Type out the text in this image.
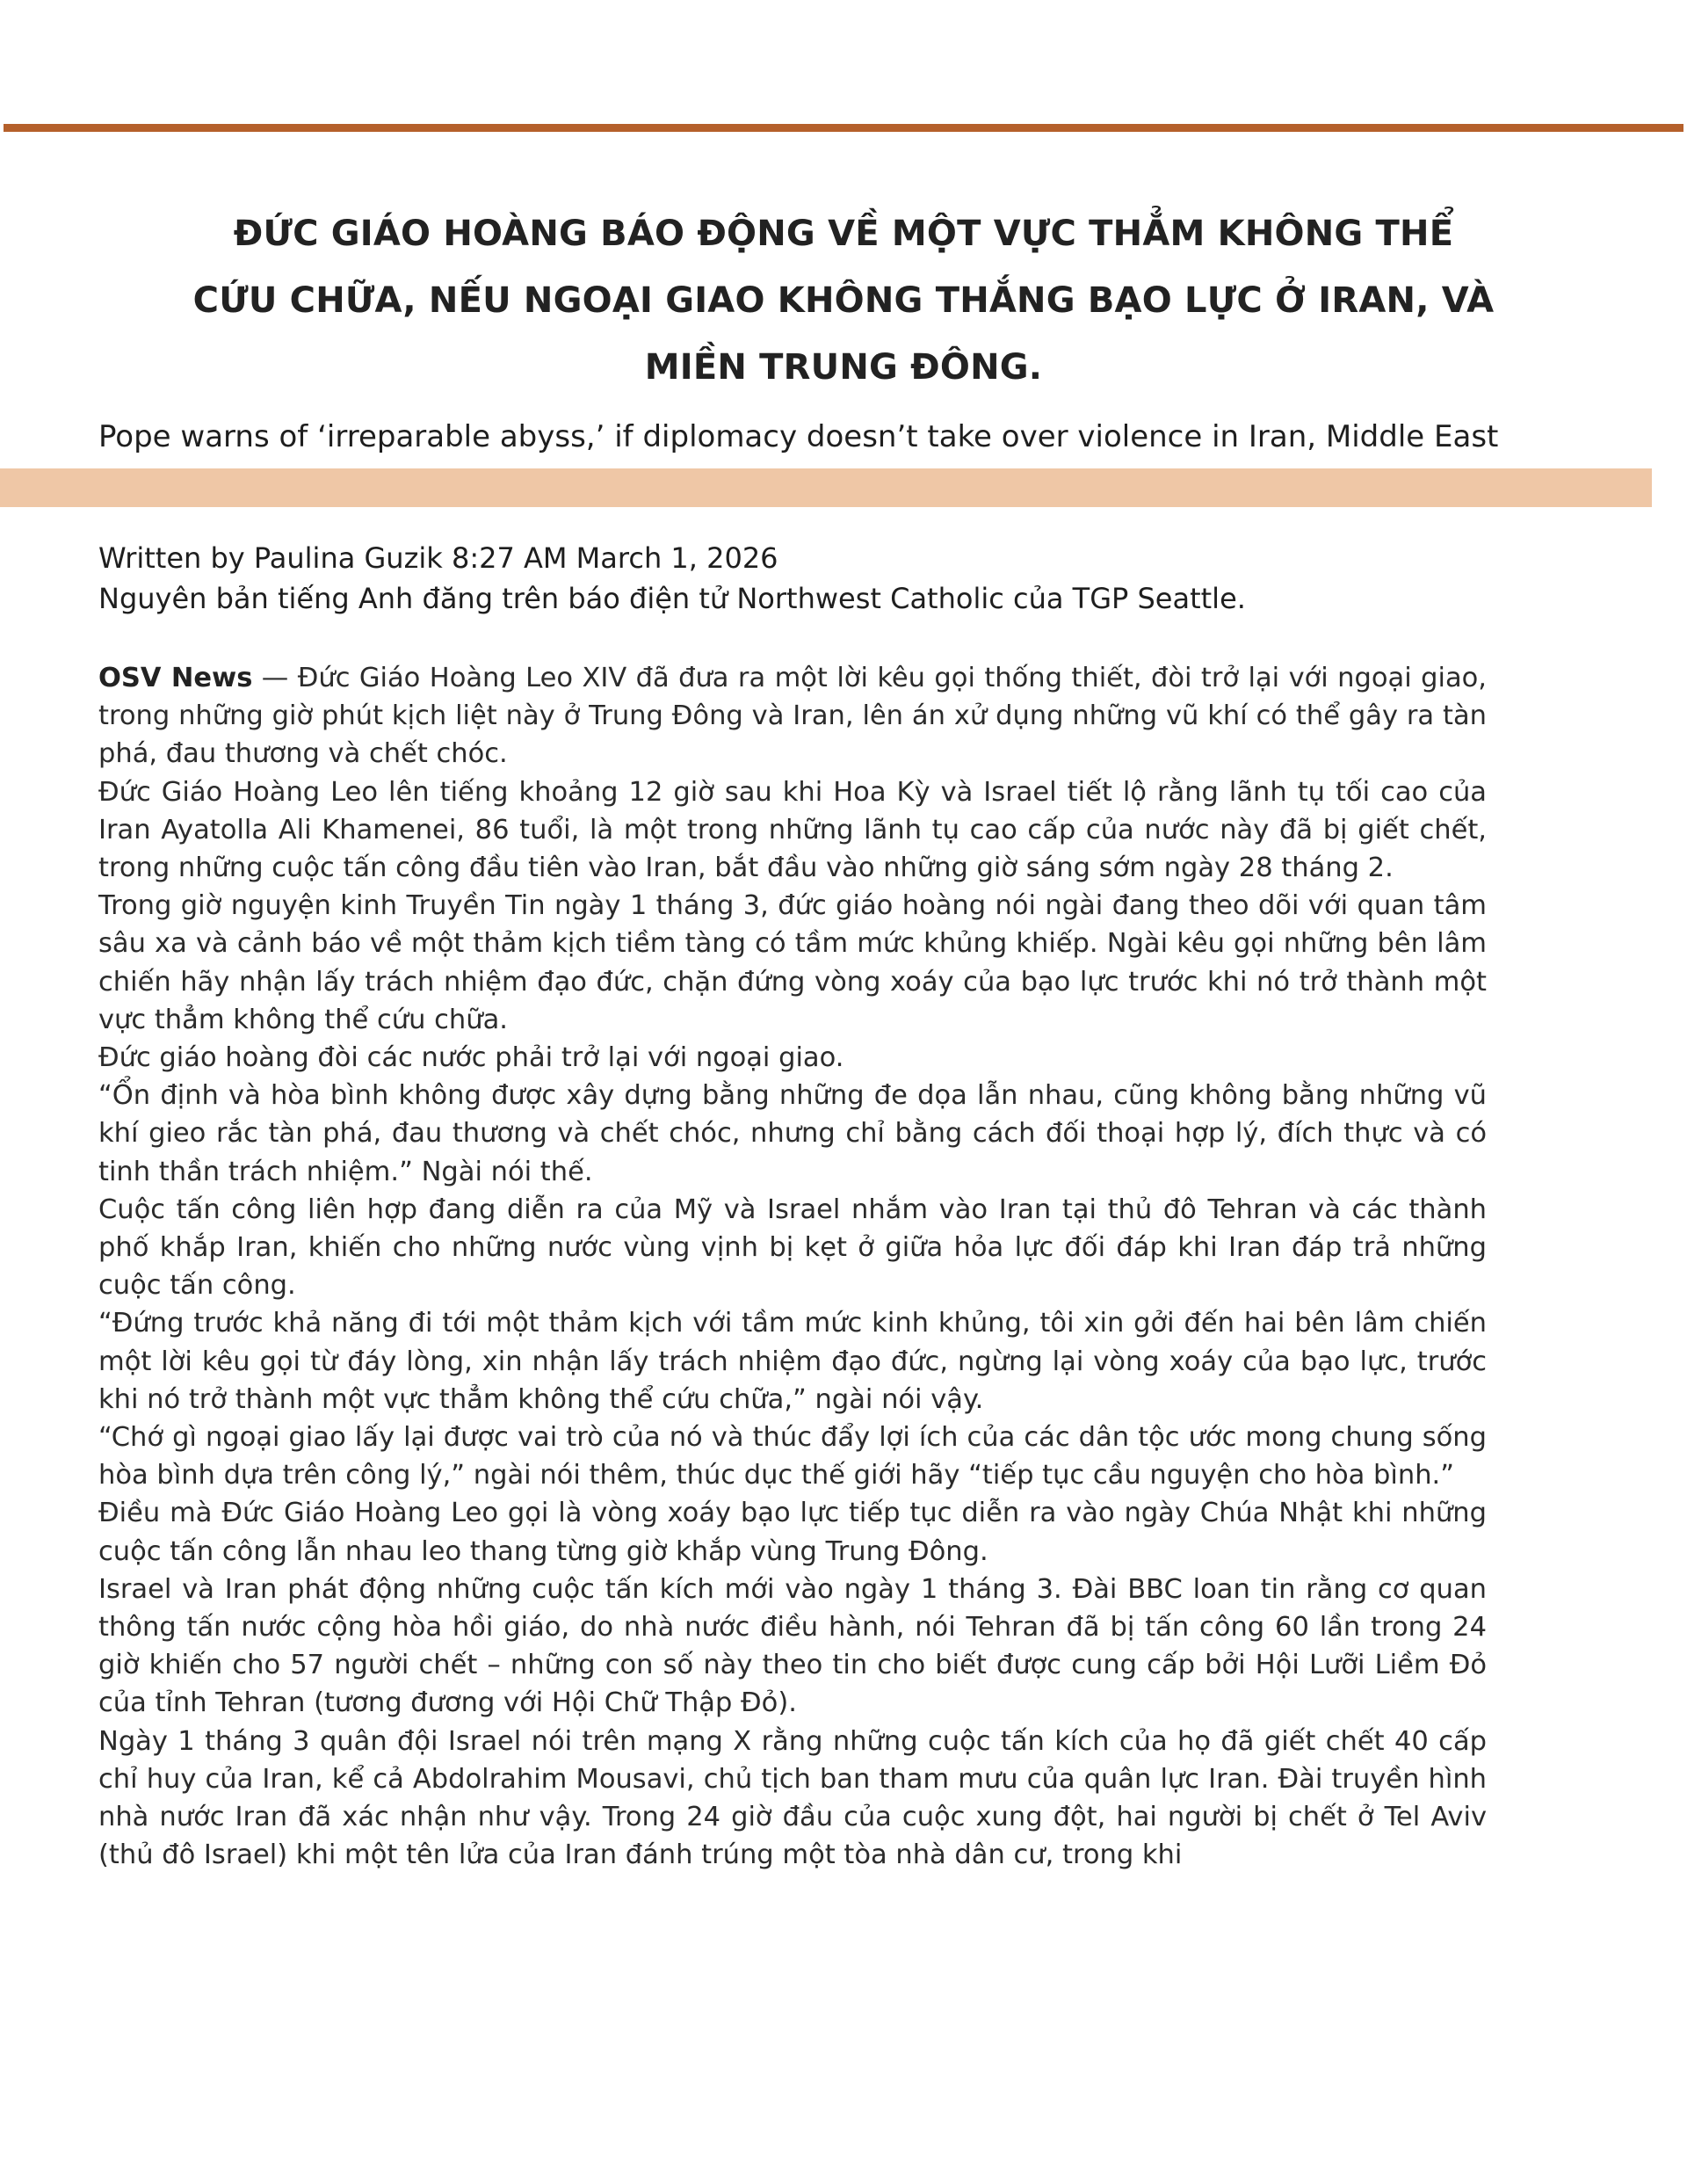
ĐỨC GIÁO HOÀNG BÁO ĐỘNG VỀ MỘT VỰC THẲM KHÔNG THỂ
CỨU CHỮA, NẾU NGOẠI GIAO KHÔNG THẮNG BẠO LỰC Ở IRAN, VÀ
MIỀN TRUNG ĐÔNG.
Pope warns of ‘irreparable abyss,’ if diplomacy doesn’t take over violence in Iran, Middle East
Written by Paulina Guzik 8:27 AM March 1, 2026
Nguyên bản tiếng Anh đăng trên báo điện tử Northwest Catholic của TGP Seattle.

OSV News — Đức Giáo Hoàng Leo XIV đã đưa ra một lời kêu gọi thống thiết, đòi trở lại với ngoại giao, trong những giờ phút kịch liệt này ở Trung Đông và Iran, lên án xử dụng những vũ khí có thể gây ra tàn phá, đau thương và chết chóc.

Đức Giáo Hoàng Leo lên tiếng khoảng 12 giờ sau khi Hoa Kỳ và Israel tiết lộ rằng lãnh tụ tối cao của Iran Ayatolla Ali Khamenei, 86 tuổi, là một trong những lãnh tụ cao cấp của nước này đã bị giết chết, trong những cuộc tấn công đầu tiên vào Iran, bắt đầu vào những giờ sáng sớm ngày 28 tháng 2.

Trong giờ nguyện kinh Truyền Tin ngày 1 tháng 3, đức giáo hoàng nói ngài đang theo dõi với quan tâm sâu xa và cảnh báo về một thảm kịch tiềm tàng có tầm mức khủng khiếp. Ngài kêu gọi những bên lâm chiến hãy nhận lấy trách nhiệm đạo đức, chặn đứng vòng xoáy của bạo lực trước khi nó trở thành một vực thẳm không thể cứu chữa.

Đức giáo hoàng đòi các nước phải trở lại với ngoại giao.

“Ổn định và hòa bình không được xây dựng bằng những đe dọa lẫn nhau, cũng không bằng những vũ khí gieo rắc tàn phá, đau thương và chết chóc, nhưng chỉ bằng cách đối thoại hợp lý, đích thực và có tinh thần trách nhiệm.” Ngài nói thế.

Cuộc tấn công liên hợp đang diễn ra của Mỹ và Israel nhắm vào Iran tại thủ đô Tehran và các thành phố khắp Iran, khiến cho những nước vùng vịnh bị kẹt ở giữa hỏa lực đối đáp khi Iran đáp trả những cuộc tấn công.

“Đứng trước khả năng đi tới một thảm kịch với tầm mức kinh khủng, tôi xin gởi đến hai bên lâm chiến một lời kêu gọi từ đáy lòng, xin nhận lấy trách nhiệm đạo đức, ngừng lại vòng xoáy của bạo lực, trước khi nó trở thành một vực thẳm không thể cứu chữa,” ngài nói vậy.

“Chớ gì ngoại giao lấy lại được vai trò của nó và thúc đẩy lợi ích của các dân tộc ước mong chung sống hòa bình dựa trên công lý,” ngài nói thêm, thúc dục thế giới hãy “tiếp tục cầu nguyện cho hòa bình.”

Điều mà Đức Giáo Hoàng Leo gọi là vòng xoáy bạo lực tiếp tục diễn ra vào ngày Chúa Nhật khi những cuộc tấn công lẫn nhau leo thang từng giờ khắp vùng Trung Đông.

Israel và Iran phát động những cuộc tấn kích mới vào ngày 1 tháng 3. Đài BBC loan tin rằng cơ quan thông tấn nước cộng hòa hồi giáo, do nhà nước điều hành, nói Tehran đã bị tấn công 60 lần trong 24 giờ khiến cho 57 người chết – những con số này theo tin cho biết được cung cấp bởi Hội Lưỡi Liềm Đỏ của tỉnh Tehran (tương đương với Hội Chữ Thập Đỏ).

Ngày 1 tháng 3 quân đội Israel nói trên mạng X rằng những cuộc tấn kích của họ đã giết chết 40 cấp chỉ huy của Iran, kể cả Abdolrahim Mousavi, chủ tịch ban tham mưu của quân lực Iran. Đài truyền hình nhà nước Iran đã xác nhận như vậy. Trong 24 giờ đầu của cuộc xung đột, hai người bị chết ở Tel Aviv (thủ đô Israel) khi một tên lửa của Iran đánh trúng một tòa nhà dân cư, trong khi
